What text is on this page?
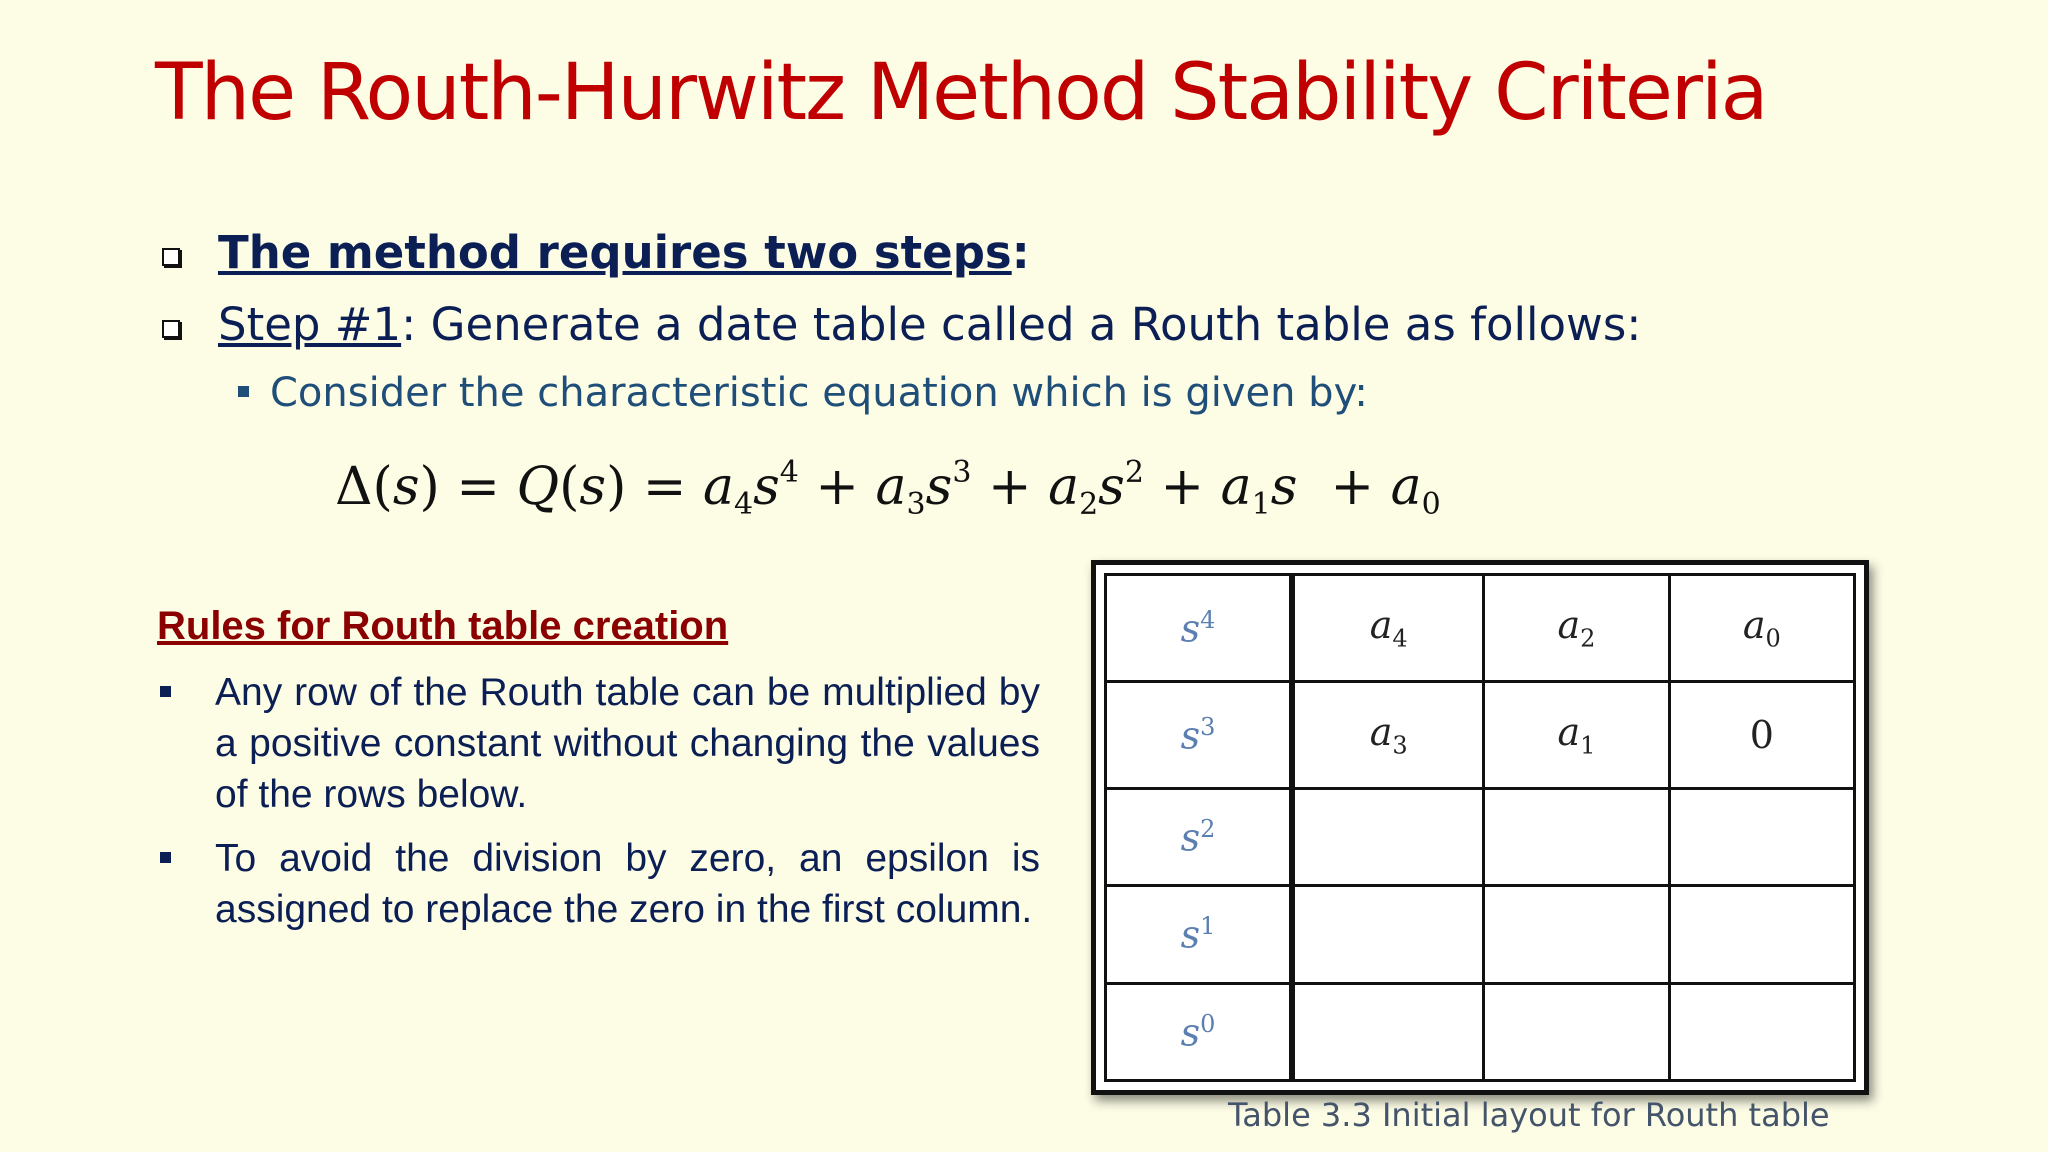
The Routh-Hurwitz Method Stability Criteria
The method requires two steps:
Step #1: Generate a date table called a Routh table as follows:
Consider the characteristic equation which is given by:
$\Delta(s) = Q(s) = a_4s^4 + a_3s^3 + a_2s^2 + a_1s + a_0$
Rules for Routh table creation
Any row of the Routh table can be multiplied by a positive constant without changing the values of the rows below.
To avoid the division by zero, an epsilon is assigned to replace the zero in the first column.
$s^4$	$a_4$	$a_2$	$a_0$
$s^3$	$a_3$	$a_1$	0
$s^2$			
$s^1$			
$s^0$			
Table 3.3 Initial layout for Routh table
